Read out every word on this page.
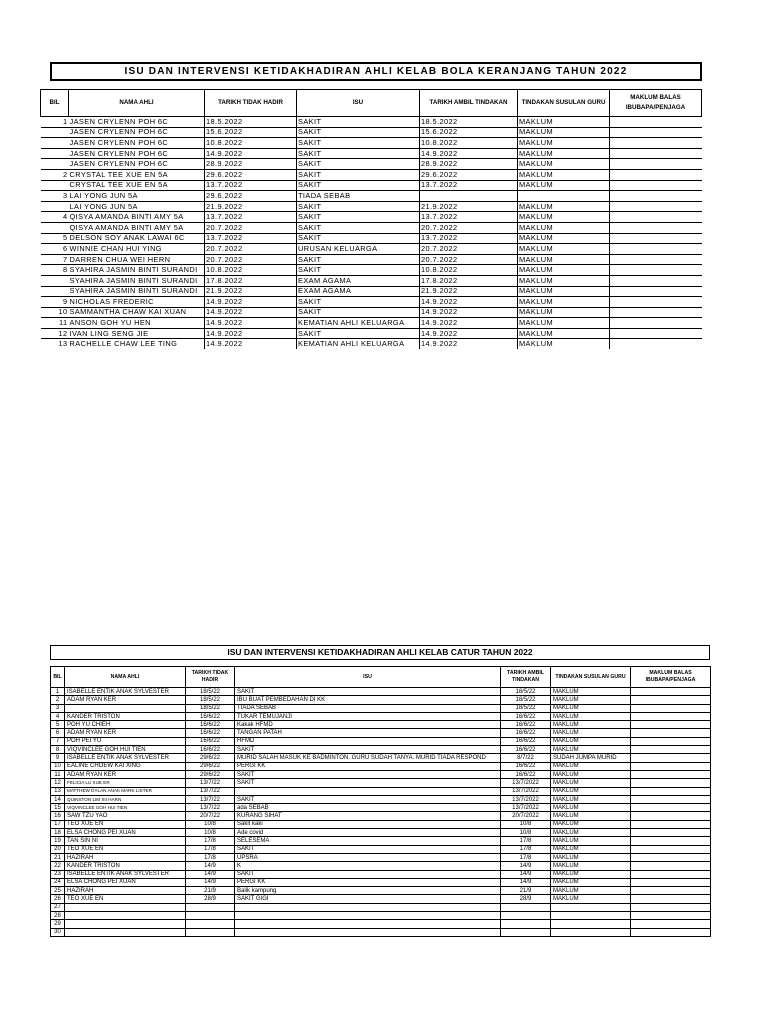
ISU DAN INTERVENSI KETIDAKHADIRAN AHLI KELAB BOLA KERANJANG TAHUN 2022
BIL	NAMA AHLI	TARIKH TIDAK HADIR	ISU	TARIKH AMBIL TINDAKAN	TINDAKAN SUSULAN GURU	MAKLUM BALAS IBUBAPA/PENJAGA
1	JASEN CRYLENN POH 6C	18.5.2022	SAKIT	18.5.2022	MAKLUM	
	JASEN CRYLENN POH 6C	15.6.2022	SAKIT	15.6.2022	MAKLUM	
	JASEN CRYLENN POH 6C	10.8.2022	SAKIT	10.8.2022	MAKLUM	
	JASEN CRYLENN POH 6C	14.9.2022	SAKIT	14.9.2022	MAKLUM	
	JASEN CRYLENN POH 6C	28.9.2022	SAKIT	28.9.2022	MAKLUM	
2	CRYSTAL TEE XUE EN 5A	29.6.2022	SAKIT	29.6.2022	MAKLUM	
	CRYSTAL TEE XUE EN 5A	13.7.2022	SAKIT	13.7.2022	MAKLUM	
3	LAI YONG JUN 5A	29.6.2022	TIADA SEBAB			
	LAI YONG JUN 5A	21.9.2022	SAKIT	21.9.2022	MAKLUM	
4	QISYA AMANDA BINTI AMY 5A	13.7.2022	SAKIT	13.7.2022	MAKLUM	
	QISYA AMANDA BINTI AMY 5A	20.7.2022	SAKIT	20.7.2022	MAKLUM	
5	DELSON SOY ANAK LAWAI 6C	13.7.2022	SAKIT	13.7.2022	MAKLUM	
6	WINNIE CHAN HUI YING	20.7.2022	URUSAN KELUARGA	20.7.2022	MAKLUM	
7	DARREN CHUA WEI HERN	20.7.2022	SAKIT	20.7.2022	MAKLUM	
8	SYAHIRA JASMIN BINTI SURANDI	10.8.2022	SAKIT	10.8.2022	MAKLUM	
	SYAHIRA JASMIN BINTI SURANDI	17.8.2022	EXAM AGAMA	17.8.2022	MAKLUM	
	SYAHIRA JASMIN BINTI SURANDI	21.9.2022	EXAM AGAMA	21.9.2022	MAKLUM	
9	NICHOLAS FREDERIC	14.9.2022	SAKIT	14.9.2022	MAKLUM	
10	SAMMANTHA CHAW KAI XUAN	14.9.2022	SAKIT	14.9.2022	MAKLUM	
11	ANSON GOH YU HEN	14.9.2022	KEMATIAN AHLI KELUARGA	14.9.2022	MAKLUM	
12	IVAN LING SENG JIE	14.9.2022	SAKIT	14.9.2022	MAKLUM	
13	RACHELLE CHAW LEE TING	14.9.2022	KEMATIAN AHLI KELUARGA	14.9.2022	MAKLUM	
ISU DAN INTERVENSI KETIDAKHADIRAN AHLI KELAB CATUR TAHUN 2022
BIL	NAMA AHLI	TARIKH TIDAK HADIR	ISU	TARIKH AMBIL TINDAKAN	TINDAKAN SUSULAN GURU	MAKLUM BALAS IBUBAPA/PENJAGA
1	ISABELLE ENTIK ANAK SYLVESTER	18/5/22	SAKIT	18/5/22	MAKLUM	
2	ADAM RYAN KER	18/5/22	IBU BUAT PEMBEDAHAN DI KK	18/5/22	MAKLUM	
3		18/5/22	TIADA SEBAB	18/5/22	MAKLUM	
4	KANDER TRISTON	16/6/22	TUKAR TEMUJANJI	16/6/22	MAKLUM	
5	POH YU CHIEH	16/6/22	Kakak HFMD	16/6/22	MAKLUM	
6	ADAM RYAN KER	16/6/22	TANGAN PATAH	16/6/22	MAKLUM	
7	POH PEI YU	16/6/22	HFMD	16/6/22	MAKLUM	
8	VIQVINCLEE GOH HUI TIEN	16/6/22	SAKIT	16/6/22	MAKLUM	
9	ISABELLE ENTIK ANAK SYLVESTER	29/6/22	MURID SALAH MASUK KE BADMINTON. GURU SUDAH TANYA. MURID TIADA RESPOND	8/7/22	SUDAH JUMPA MURID	
10	EALINE CHOEW KAI XING	29/6/22	PERGI KK	16/6/22	MAKLUM	
11	ADAM RYAN KER	29/6/22	SAKIT	16/6/22	MAKLUM	
12	FELICIA LU XUE ER	13/7/22	SAKIT	13/7/2022	MAKLUM	
13	MATTHEW DYLAN ANAK MARK LISTER	13/7/22		13/7/2022	MAKLUM	
14	QUINSTON LIM XII HARN	13/7/22	SAKIT	13/7/2022	MAKLUM	
15	VIQVINCLEE GOH HUI TIEN	13/7/22	ada SEBAB	13/7/2022	MAKLUM	
16	SAW TZU YAO	20/7/22	KURANG SIHAT	20/7/2022	MAKLUM	
17	TEO XUE EN	10/8	Sakit kaki	10/8	MAKLUM	
18	ELSA CHONG PEI XUAN	10/8	Ade covid	10/8	MAKLUM	
19	TAN SIN NI	17/8	SELESEMA	17/8	MAKLUM	
20	TEO XUE EN	17/8	SAKIT	17/8	MAKLUM	
21	HAZIRAH	17/8	UPSRA	17/8	MAKLUM	
22	KANDER TRISTON	14/9	K	14/9	MAKLUM	
23	ISABELLE ENTIK ANAK SYLVESTER	14/9	SAKIT	14/9	MAKLUM	
24	ELSA CHONG PEI XUAN	14/9	PERGI KK	14/9	MAKLUM	
25	HAZIRAH	21/9	Balik kampung	21/9	MAKLUM	
26	TEO XUE EN	28/9	SAKIT GIGI	28/9	MAKLUM	
27						
28						
29						
30						
